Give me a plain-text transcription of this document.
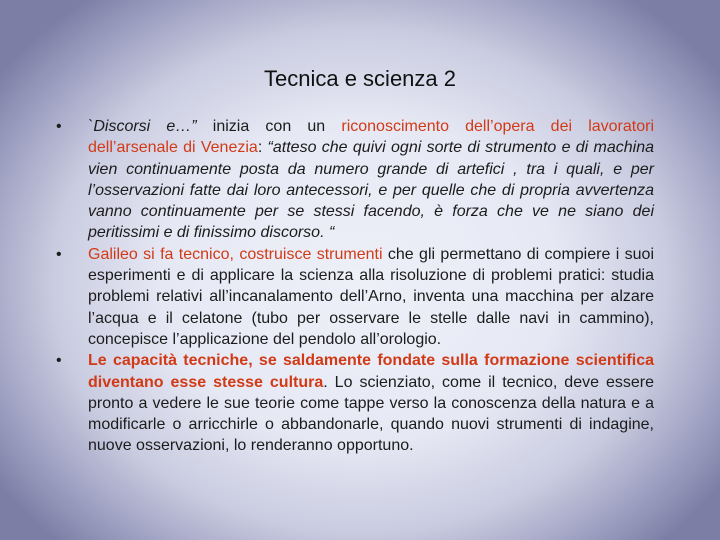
Tecnica e scienza 2
•	`Discorsi e…” inizia con un riconoscimento dell’opera dei lavoratori dell’arsenale di Venezia: “atteso che quivi ogni sorte di strumento e di machina vien continuamente posta da numero grande di artefici , tra i quali, e per l’osservazioni fatte dai loro antecessori, e per quelle che di propria avvertenza vanno continuamente per se stessi facendo, è forza che ve ne siano dei peritissimi e di finissimo discorso. “
•	Galileo si fa tecnico, costruisce strumenti che gli permettano di compiere i suoi esperimenti e di applicare la scienza alla risoluzione di problemi pratici: studia problemi relativi all’incanalamento dell’Arno, inventa una macchina per alzare l’acqua e il celatone (tubo per osservare le stelle dalle navi in cammino), concepisce l’applicazione del pendolo all’orologio.
•	Le capacità tecniche, se saldamente fondate sulla formazione scientifica diventano esse stesse cultura. Lo scienziato, come il tecnico, deve essere pronto a vedere le sue teorie come tappe verso la conoscenza della natura e a modificarle o arricchirle o abbandonarle, quando nuovi strumenti di indagine, nuove osservazioni, lo renderanno opportuno.
